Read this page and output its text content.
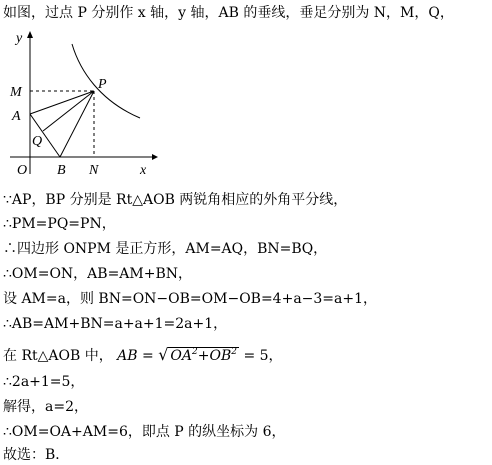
如图，过点 P 分别作 x 轴，y 轴，AB 的垂线，垂足分别为 N，M，Q，
y
M
A
Q
P
O B N	x
∵AP，BP 分别是 Rt△AOB 两锐角相应的外角平分线，
∴PM=PQ=PN，
∴四边形 ONPM 是正方形，AM=AQ，BN=BQ，
∴OM=ON，AB=AM+BN，
设 AM=a，则 BN=ON−OB=OM−OB=4+a−3=a+1，
∴AB=AM+BN=a+a+1=2a+1，
在 Rt△AOB 中， AB = √ $OA^2+OB^2 = 5$，
∴2a+1=5，
解得，a=2，
∴OM=OA+AM=6，即点 P 的纵坐标为 6，
故选：B．
